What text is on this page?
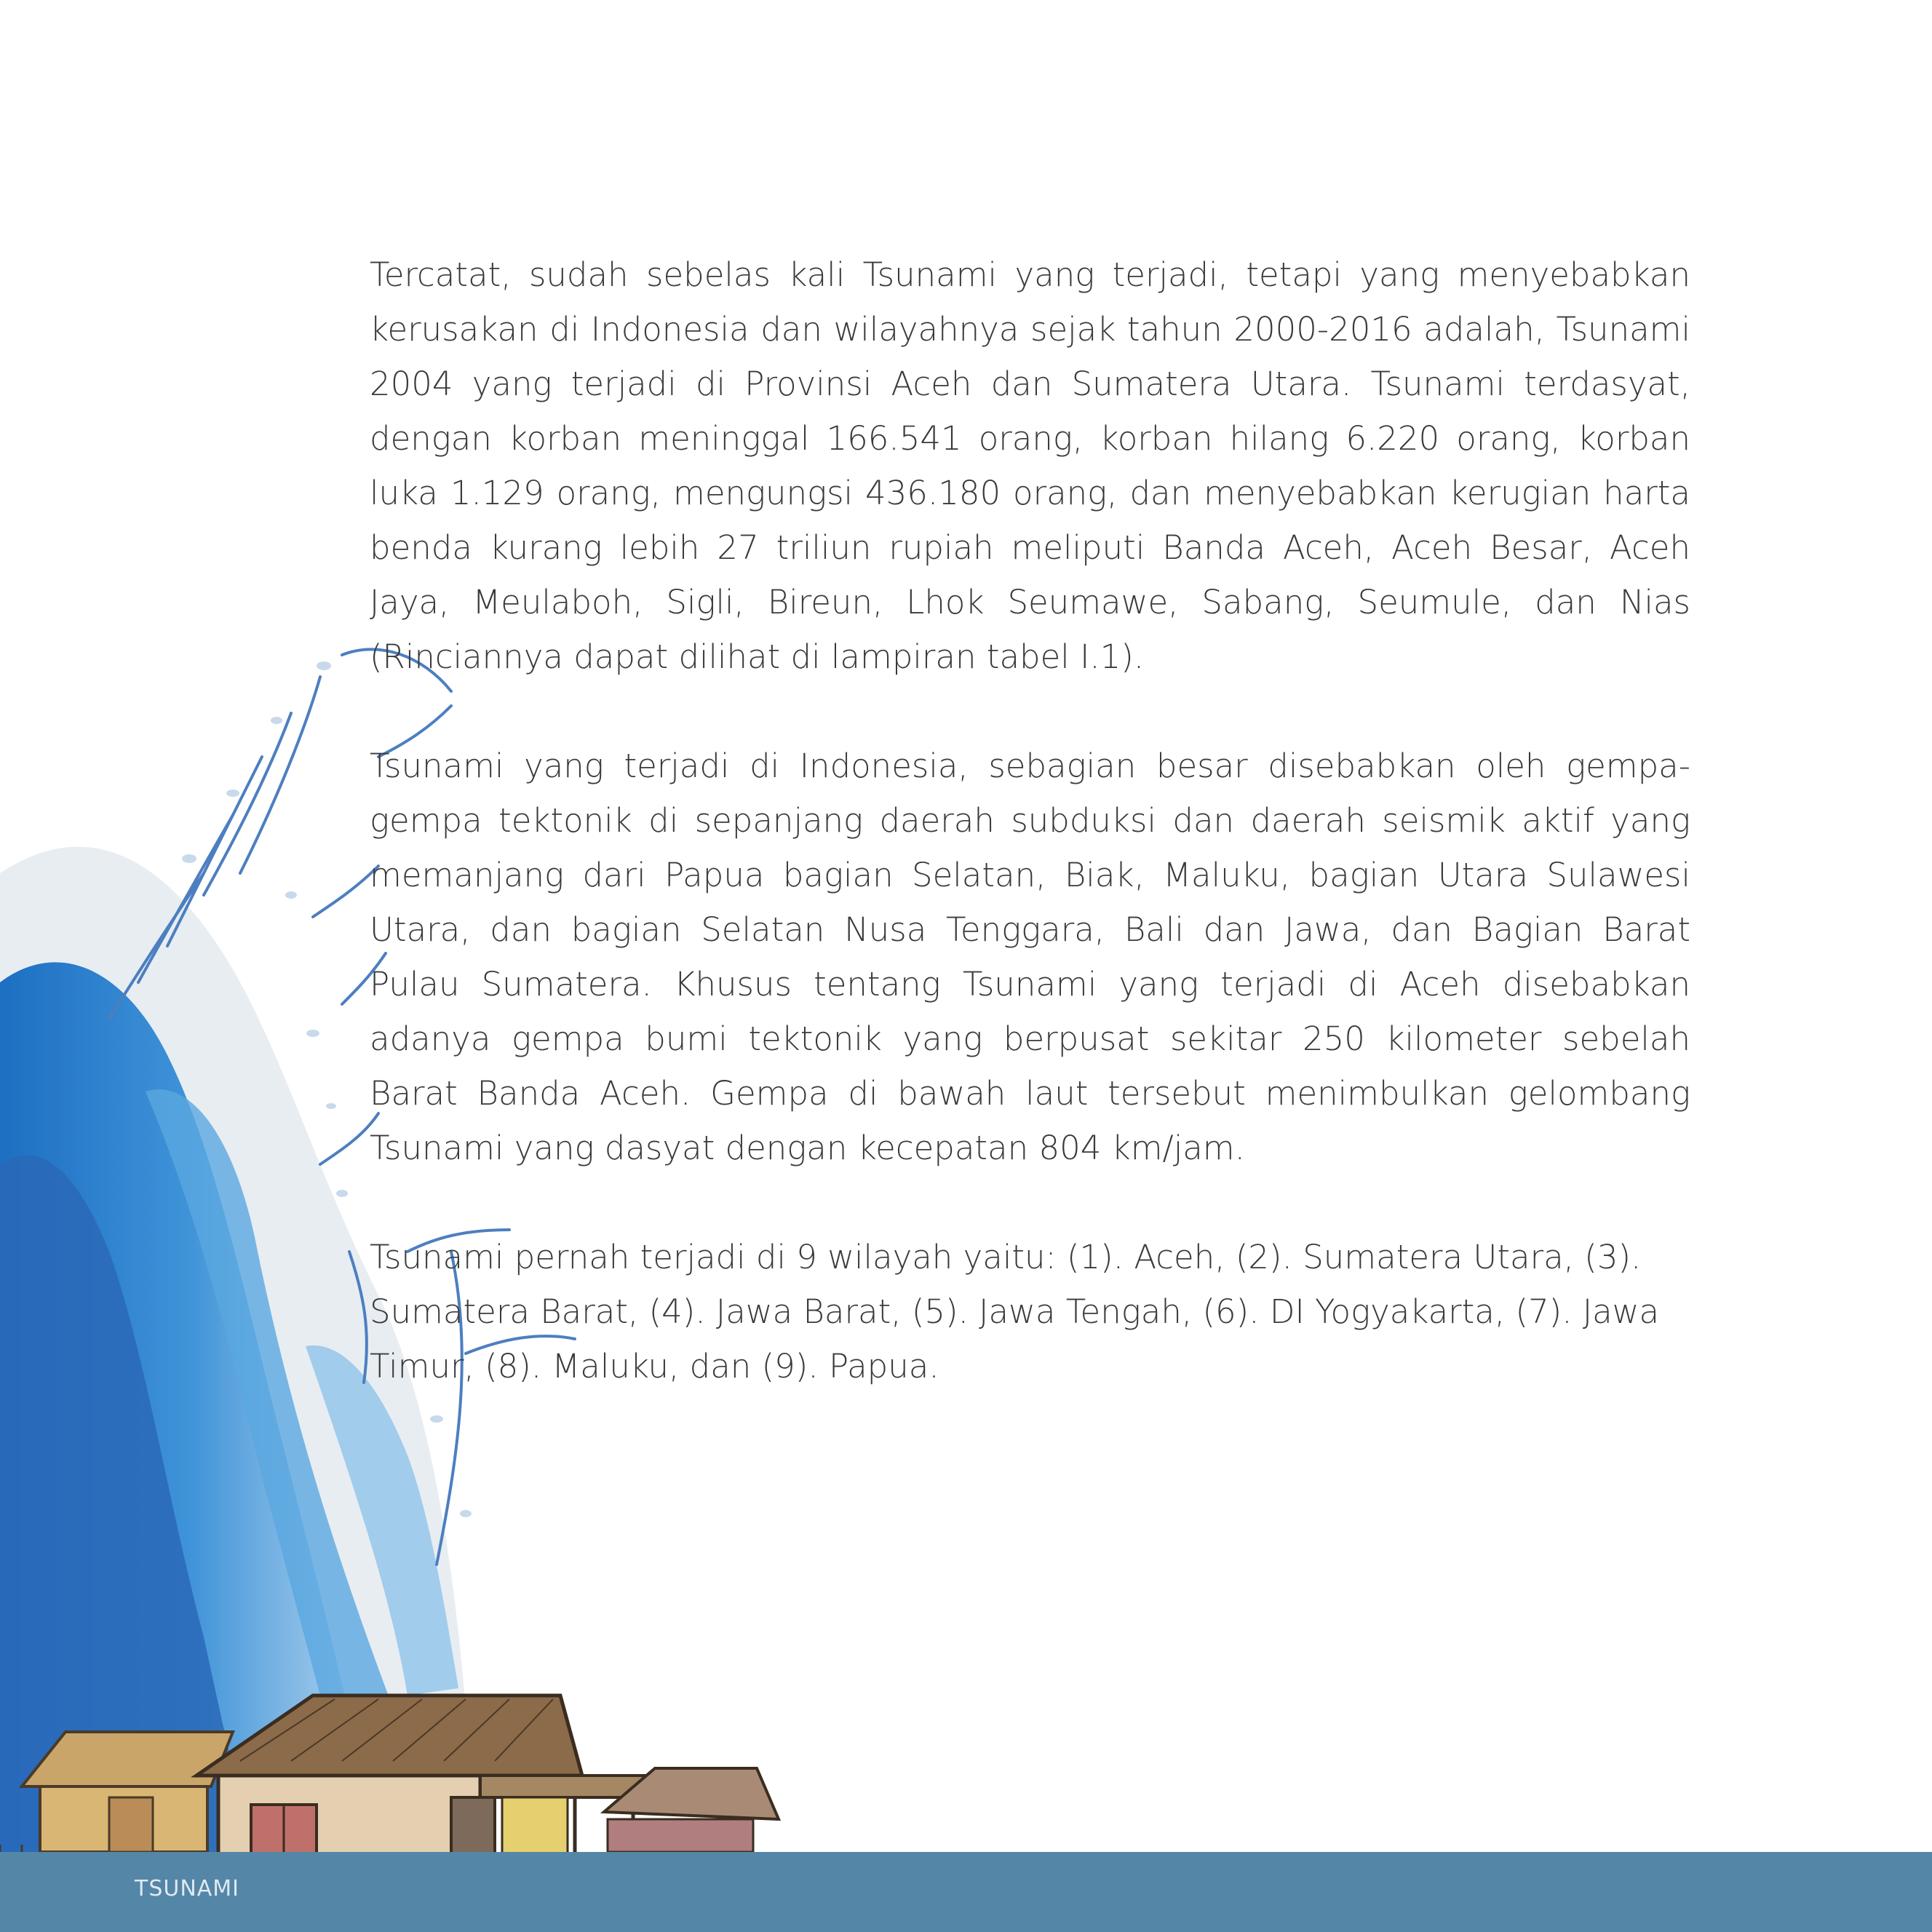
TSUNAMI

Tercatat, sudah sebelas kali Tsunami yang terjadi, tetapi yang menyebabkan kerusakan di Indonesia dan wilayahnya sejak tahun 2000-2016 adalah, Tsunami 2004 yang terjadi di Provinsi Aceh dan Sumatera Utara. Tsunami terdasyat, dengan korban meninggal 166.541 orang, korban hilang 6.220 orang, korban luka 1.129 orang, mengungsi 436.180 orang, dan menyebabkan kerugian harta benda kurang lebih 27 triliun rupiah meliputi Banda Aceh, Aceh Besar, Aceh Jaya, Meulaboh, Sigli, Bireun, Lhok Seumawe, Sabang, Seumule, dan Nias (Rinciannya dapat dilihat di lampiran tabel I.1).

Tsunami yang terjadi di Indonesia, sebagian besar disebabkan oleh gempa-gempa tektonik di sepanjang daerah subduksi dan daerah seismik aktif yang memanjang dari Papua bagian Selatan, Biak, Maluku, bagian Utara Sulawesi Utara, dan bagian Selatan Nusa Tenggara, Bali dan Jawa, dan Bagian Barat Pulau Sumatera. Khusus tentang Tsunami yang terjadi di Aceh disebabkan adanya gempa bumi tektonik yang berpusat sekitar 250 kilometer sebelah Barat Banda Aceh. Gempa di bawah laut tersebut menimbulkan gelombang Tsunami yang dasyat dengan kecepatan 804 km/jam.

Tsunami pernah terjadi di 9 wilayah yaitu: (1). Aceh, (2). Sumatera Utara, (3). Sumatera Barat, (4). Jawa Barat, (5). Jawa Tengah, (6). DI Yogyakarta, (7). Jawa Timur, (8). Maluku, dan (9). Papua.
